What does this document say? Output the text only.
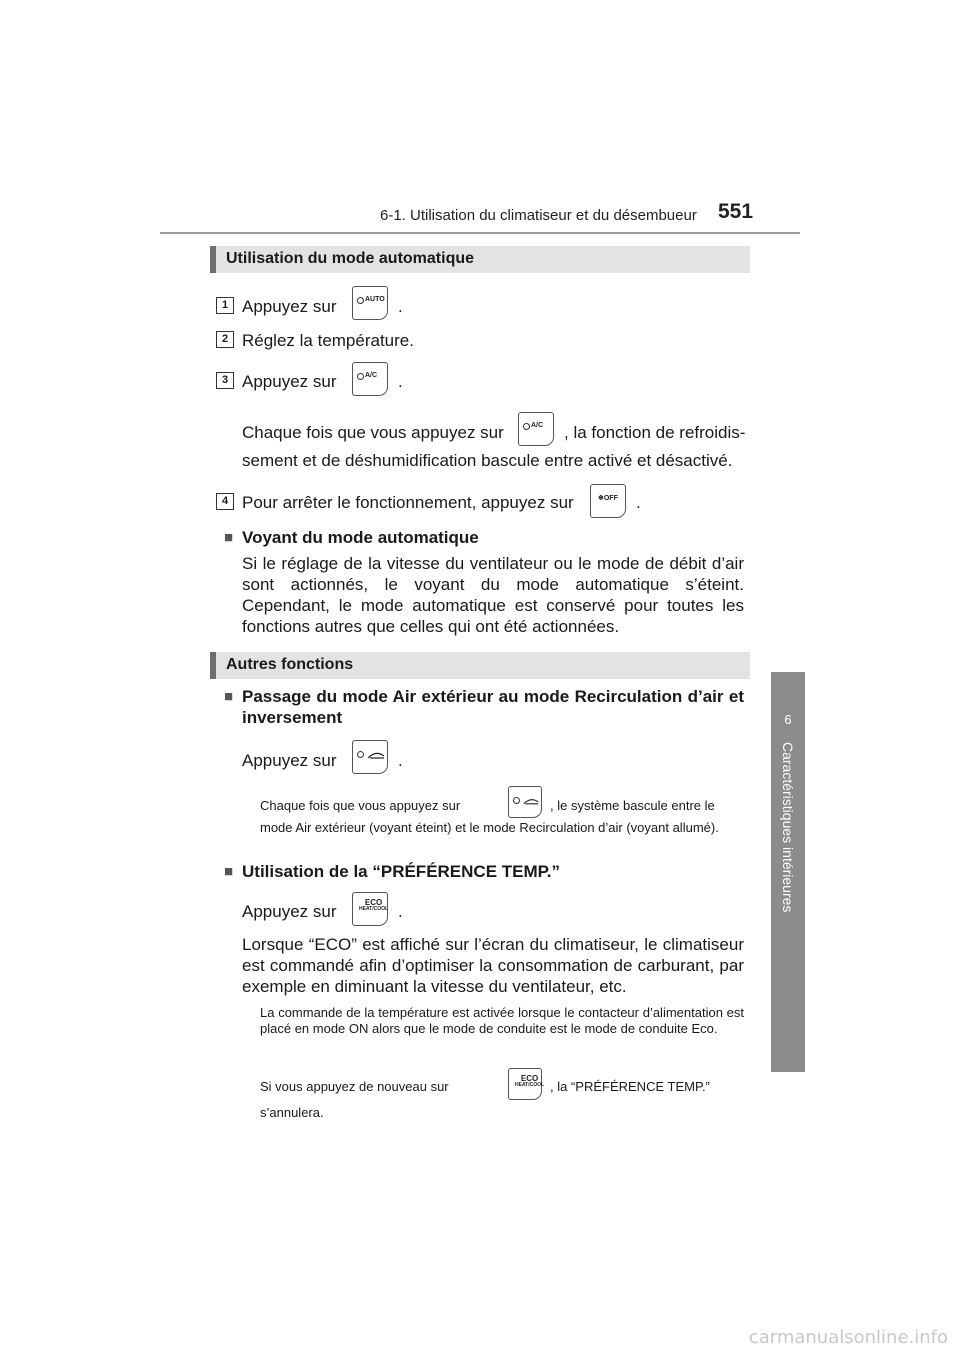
6-1. Utilisation du climatiseur et du désembueur 551
6
Caractéristiques intérieures
Utilisation du mode automatique
1 Appuyez sur	AUTO .
2 Réglez la température.
3 Appuyez sur	A/C .
Chaque fois que vous appuyez sur	A/C , la fonction de refroidis-
sement et de déshumidification bascule entre activé et désactivé.
4 Pour arrêter le fonctionnement, appuyez sur	❄OFF .
■ Voyant du mode automatique
Si le réglage de la vitesse du ventilateur ou le mode de débit d’air sont actionnés, le voyant du mode automatique s’éteint. Cependant, le mode automatique est conservé pour toutes les fonctions autres que celles qui ont été actionnées.
Autres fonctions
■ Passage du mode Air extérieur au mode Recirculation d’air et inversement
Appuyez sur	.
Chaque fois que vous appuyez sur	, le système bascule entre le
mode Air extérieur (voyant éteint) et le mode Recirculation d’air (voyant allumé).
■ Utilisation de la “PRÉFÉRENCE TEMP.”
Appuyez sur	ECO
HEAT/COOL .
Lorsque “ECO” est affiché sur l’écran du climatiseur, le climatiseur est commandé afin d’optimiser la consommation de carburant, par exemple en diminuant la vitesse du ventilateur, etc.
La commande de la température est activée lorsque le contacteur d’alimentation est placé en mode ON alors que le mode de conduite est le mode de conduite Eco.
Si vous appuyez de nouveau sur
ECO
HEAT/COOL , la “PRÉFÉRENCE TEMP.”
s’annulera.
carmanualsonline.info
